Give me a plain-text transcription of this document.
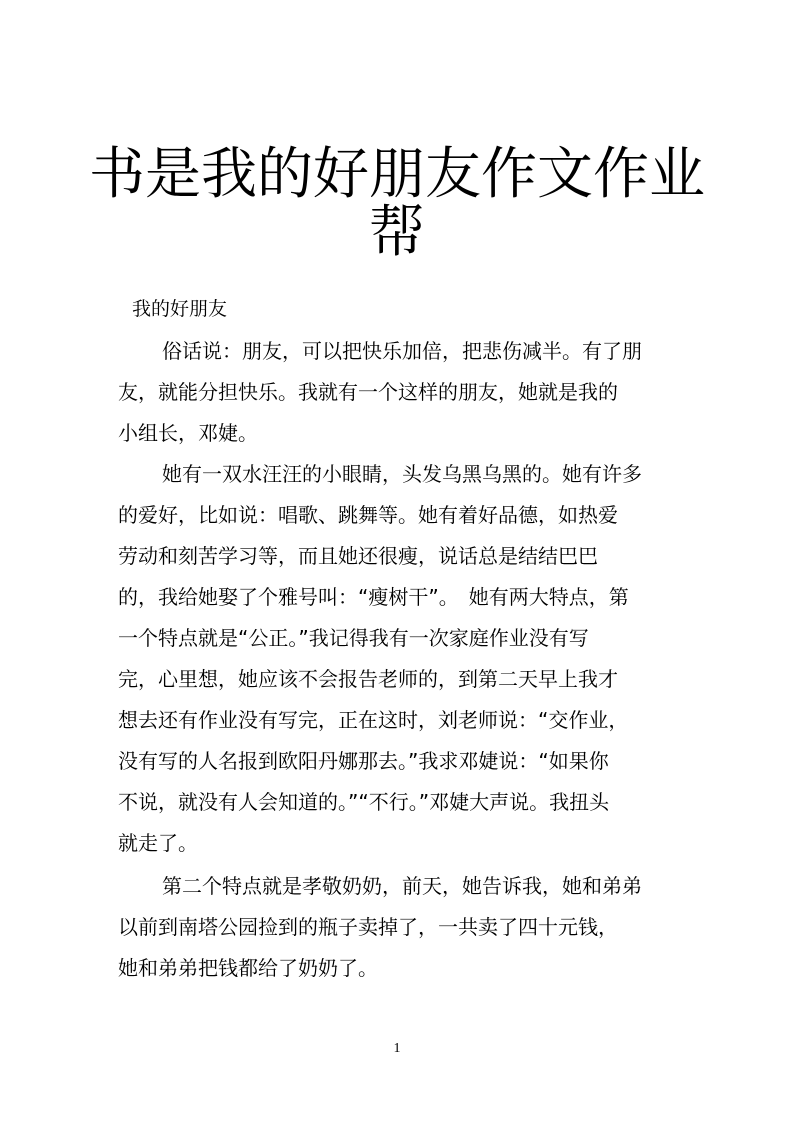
书是我的好朋友作文作业
帮
我的好朋友
俗话说：朋友，可以把快乐加倍，把悲伤减半。有了朋
友，就能分担快乐。我就有一个这样的朋友，她就是我的
小组长，邓婕。
她有一双水汪汪的小眼睛，头发乌黑乌黑的。她有许多
的爱好，比如说：唱歌、跳舞等。她有着好品德，如热爱
劳动和刻苦学习等，而且她还很瘦，说话总是结结巴巴
的，我给她娶了个雅号叫：“瘦树干”。　她有两大特点，第
一个特点就是“公正。”我记得我有一次家庭作业没有写
完，心里想，她应该不会报告老师的，到第二天早上我才
想去还有作业没有写完，正在这时，刘老师说：“交作业，
没有写的人名报到欧阳丹娜那去。”我求邓婕说：“如果你
不说，就没有人会知道的。”“不行。”邓婕大声说。我扭头
就走了。
第二个特点就是孝敬奶奶，前天，她告诉我，她和弟弟
以前到南塔公园捡到的瓶子卖掉了，一共卖了四十元钱，
她和弟弟把钱都给了奶奶了。
1
